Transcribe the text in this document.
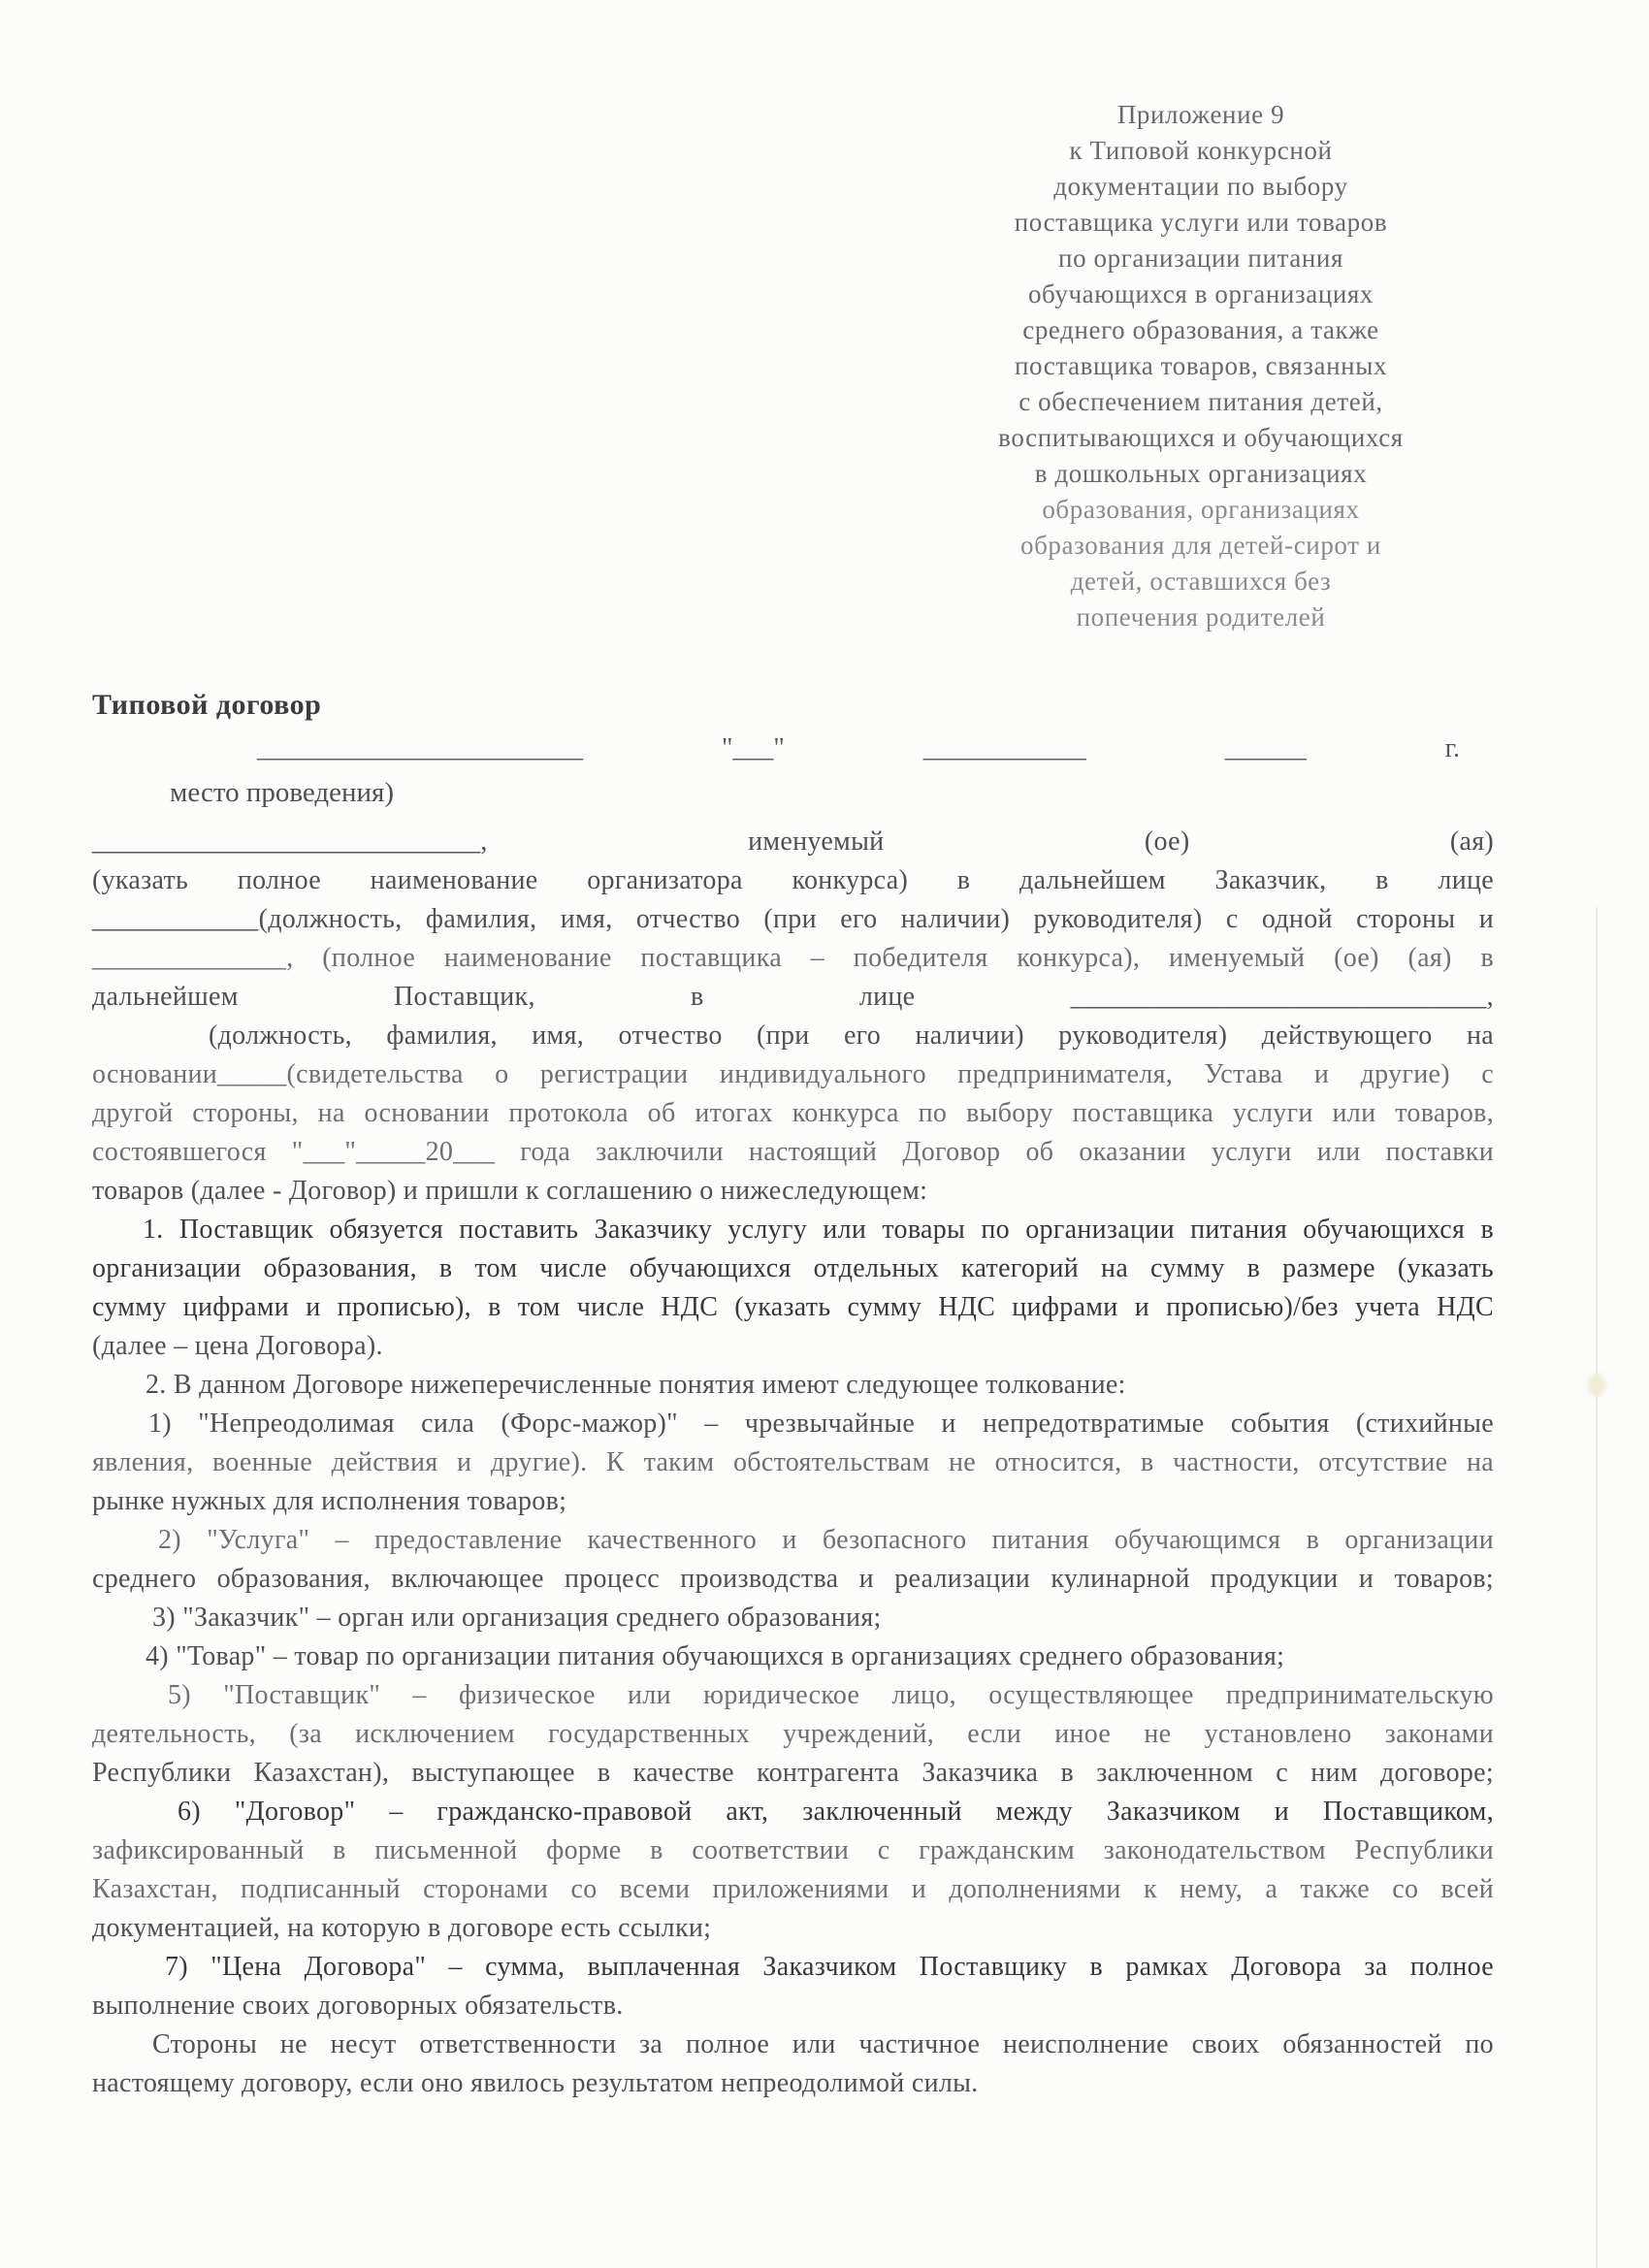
Приложение 9
к Типовой конкурсной
документации по выбору
поставщика услуги или товаров
по организации питания
обучающихся в организациях
среднего образования, а также
поставщика товаров, связанных
с обеспечением питания детей,
воспитывающихся и обучающихся
в дошкольных организациях
образования, организациях
образования для детей-сирот и
детей, оставшихся без
попечения родителей
Типовой договор
________________________	"___"	____________	______	г.
место проведения)
____________________________,	именуемый	(ое)	(ая)
(указать полное наименование организатора конкурса) в дальнейшем Заказчик, в лице
____________(должность, фамилия, имя, отчество (при его наличии) руководителя) с одной стороны и
______________, (полное наименование поставщика – победителя конкурса), именуемый (ое) (ая) в
дальнейшем	Поставщик,	в	лице	______________________________,
(должность, фамилия, имя, отчество (при его наличии) руководителя) действующего на
основании_____(свидетельства о регистрации индивидуального предпринимателя, Устава и другие) с
другой стороны, на основании протокола об итогах конкурса по выбору поставщика услуги или товаров,
состоявшегося "___"_____20___ года заключили настоящий Договор об оказании услуги или поставки
товаров (далее - Договор) и пришли к соглашению о нижеследующем:
1. Поставщик обязуется поставить Заказчику услугу или товары по организации питания обучающихся в
организации образования, в том числе обучающихся отдельных категорий на сумму в размере (указать
сумму цифрами и прописью), в том числе НДС (указать сумму НДС цифрами и прописью)/без учета НДС
(далее – цена Договора).
2. В данном Договоре нижеперечисленные понятия имеют следующее толкование:
1) "Непреодолимая сила (Форс-мажор)" – чрезвычайные и непредотвратимые события (стихийные
явления, военные действия и другие). К таким обстоятельствам не относится, в частности, отсутствие на
рынке нужных для исполнения товаров;
2) "Услуга" – предоставление качественного и безопасного питания обучающимся в организации
среднего образования, включающее процесс производства и реализации кулинарной продукции и товаров;
3) "Заказчик" – орган или организация среднего образования;
4) "Товар" – товар по организации питания обучающихся в организациях среднего образования;
5) "Поставщик" – физическое или юридическое лицо, осуществляющее предпринимательскую
деятельность, (за исключением государственных учреждений, если иное не установлено законами
Республики Казахстан), выступающее в качестве контрагента Заказчика в заключенном с ним договоре;
6) "Договор" – гражданско-правовой акт, заключенный между Заказчиком и Поставщиком,
зафиксированный в письменной форме в соответствии с гражданским законодательством Республики
Казахстан, подписанный сторонами со всеми приложениями и дополнениями к нему, а также со всей
документацией, на которую в договоре есть ссылки;
7) "Цена Договора" – сумма, выплаченная Заказчиком Поставщику в рамках Договора за полное
выполнение своих договорных обязательств.
Стороны не несут ответственности за полное или частичное неисполнение своих обязанностей по
настоящему договору, если оно явилось результатом непреодолимой силы.
